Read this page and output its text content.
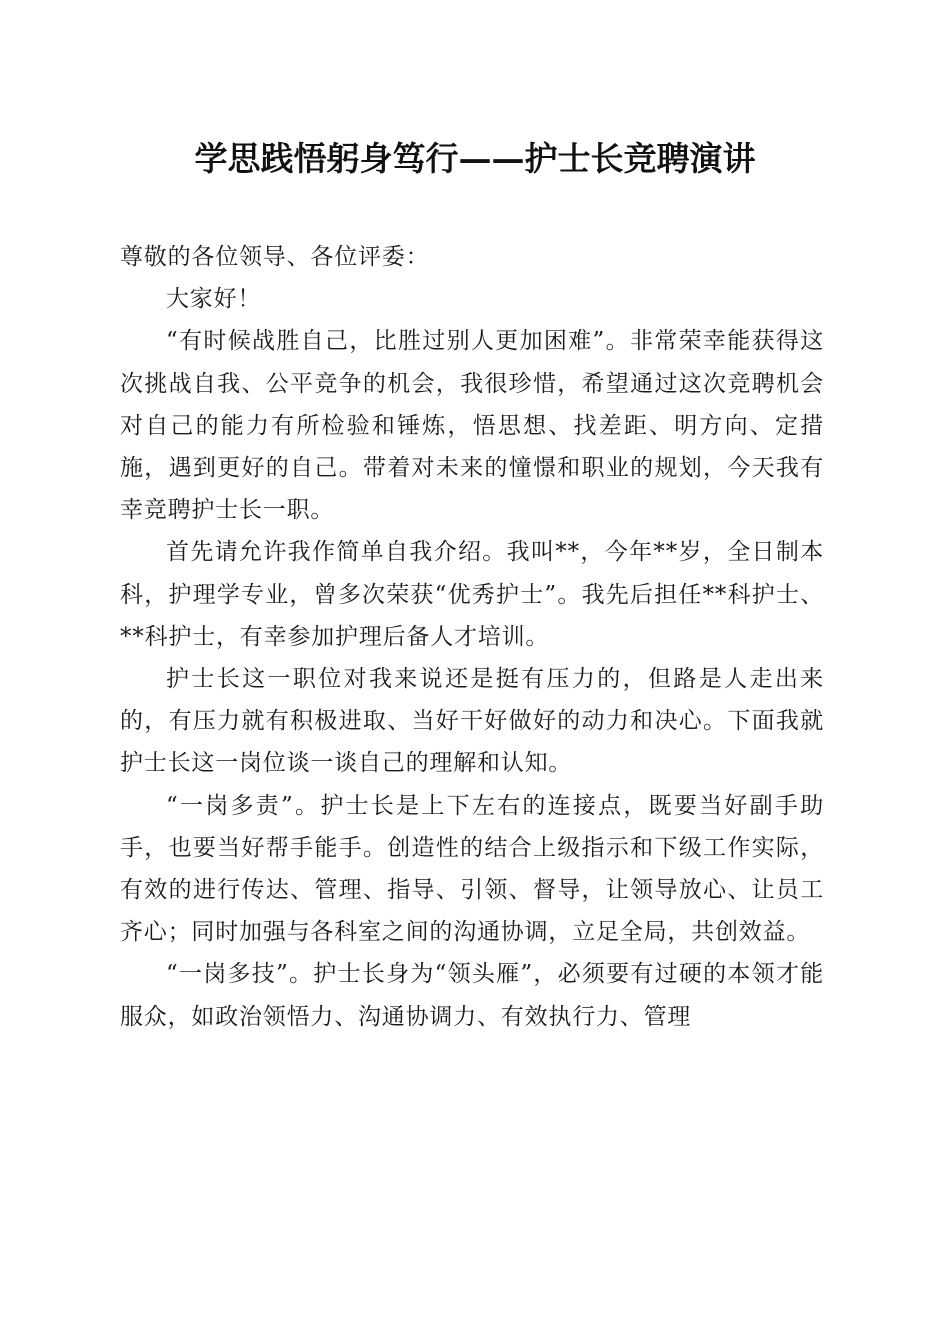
学思践悟躬身笃行——护士长竞聘演讲

尊敬的各位领导、各位评委：

大家好！

“有时候战胜自己，比胜过别人更加困难”。非常荣幸能获得这次挑战自我、公平竞争的机会，我很珍惜，希望通过这次竞聘机会对自己的能力有所检验和锤炼，悟思想、找差距、明方向、定措施，遇到更好的自己。带着对未来的憧憬和职业的规划，今天我有幸竞聘护士长一职。

首先请允许我作简单自我介绍。我叫**，今年**岁，全日制本科，护理学专业，曾多次荣获“优秀护士”。我先后担任**科护士、**科护士，有幸参加护理后备人才培训。

护士长这一职位对我来说还是挺有压力的，但路是人走出来的，有压力就有积极进取、当好干好做好的动力和决心。下面我就护士长这一岗位谈一谈自己的理解和认知。

“一岗多责”。护士长是上下左右的连接点，既要当好副手助手，也要当好帮手能手。创造性的结合上级指示和下级工作实际，有效的进行传达、管理、指导、引领、督导，让领导放心、让员工齐心；同时加强与各科室之间的沟通协调，立足全局，共创效益。

“一岗多技”。护士长身为“领头雁”，必须要有过硬的本领才能服众，如政治领悟力、沟通协调力、有效执行力、管理
